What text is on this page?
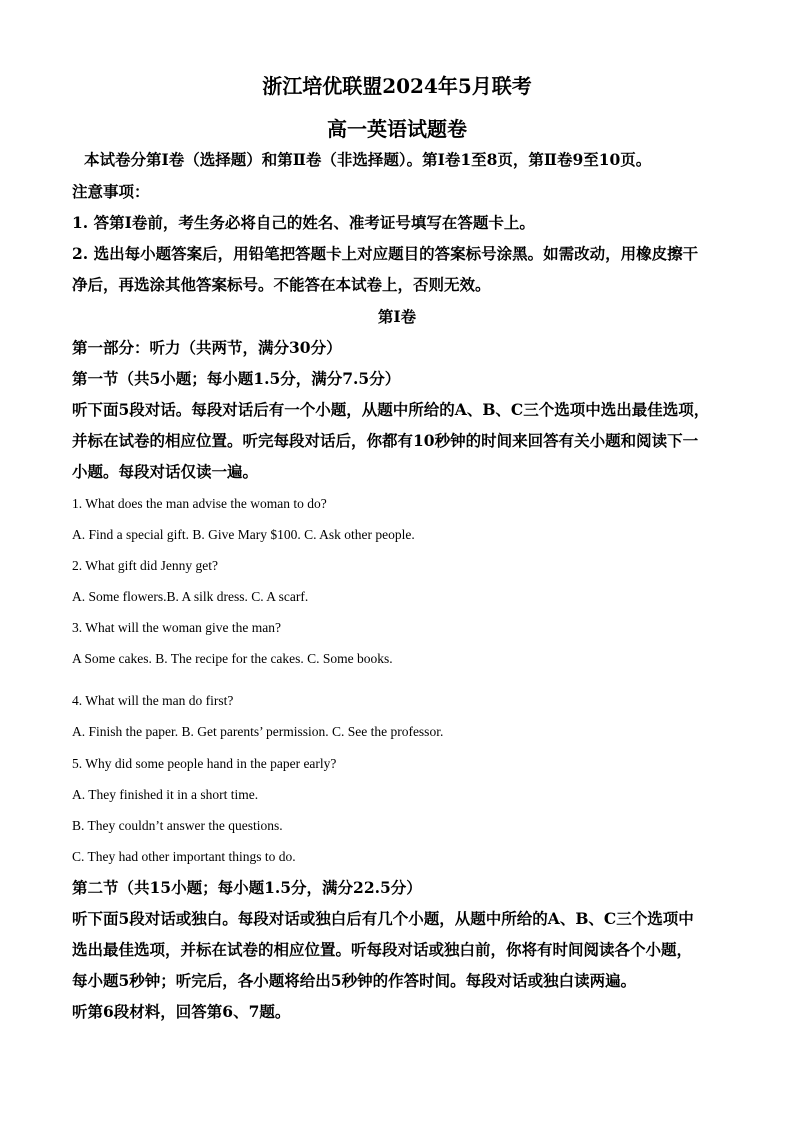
浙江培优联盟2024年5月联考
高一英语试题卷
本试卷分第Ⅰ卷（选择题）和第Ⅱ卷（非选择题）。第Ⅰ卷1至8页，第Ⅱ卷9至10页。
注意事项：
1. 答第Ⅰ卷前，考生务必将自己的姓名、准考证号填写在答题卡上。
2. 选出每小题答案后，用铅笔把答题卡上对应题目的答案标号涂黑。如需改动，用橡皮擦干
净后，再选涂其他答案标号。不能答在本试卷上，否则无效。
第Ⅰ卷
第一部分：听力（共两节，满分30分）
第一节（共5小题；每小题1.5分，满分7.5分）
听下面5段对话。每段对话后有一个小题，从题中所给的A、B、C三个选项中选出最佳选项，
并标在试卷的相应位置。听完每段对话后，你都有10秒钟的时间来回答有关小题和阅读下一
小题。每段对话仅读一遍。
1. What does the man advise the woman to do?
A. Find a special gift. B. Give Mary $100. C. Ask other people.
2. What gift did Jenny get?
A. Some flowers.B. A silk dress. C. A scarf.
3. What will the woman give the man?
A Some cakes. B. The recipe for the cakes. C. Some books.
4. What will the man do first?
A. Finish the paper. B. Get parents’ permission. C. See the professor.
5. Why did some people hand in the paper early?
A. They finished it in a short time.
B. They couldn’t answer the questions.
C. They had other important things to do.
第二节（共15小题；每小题1.5分，满分22.5分）
听下面5段对话或独白。每段对话或独白后有几个小题，从题中所给的A、B、C三个选项中
选出最佳选项，并标在试卷的相应位置。听每段对话或独白前，你将有时间阅读各个小题，
每小题5秒钟；听完后，各小题将给出5秒钟的作答时间。每段对话或独白读两遍。
听第6段材料，回答第6、7题。
